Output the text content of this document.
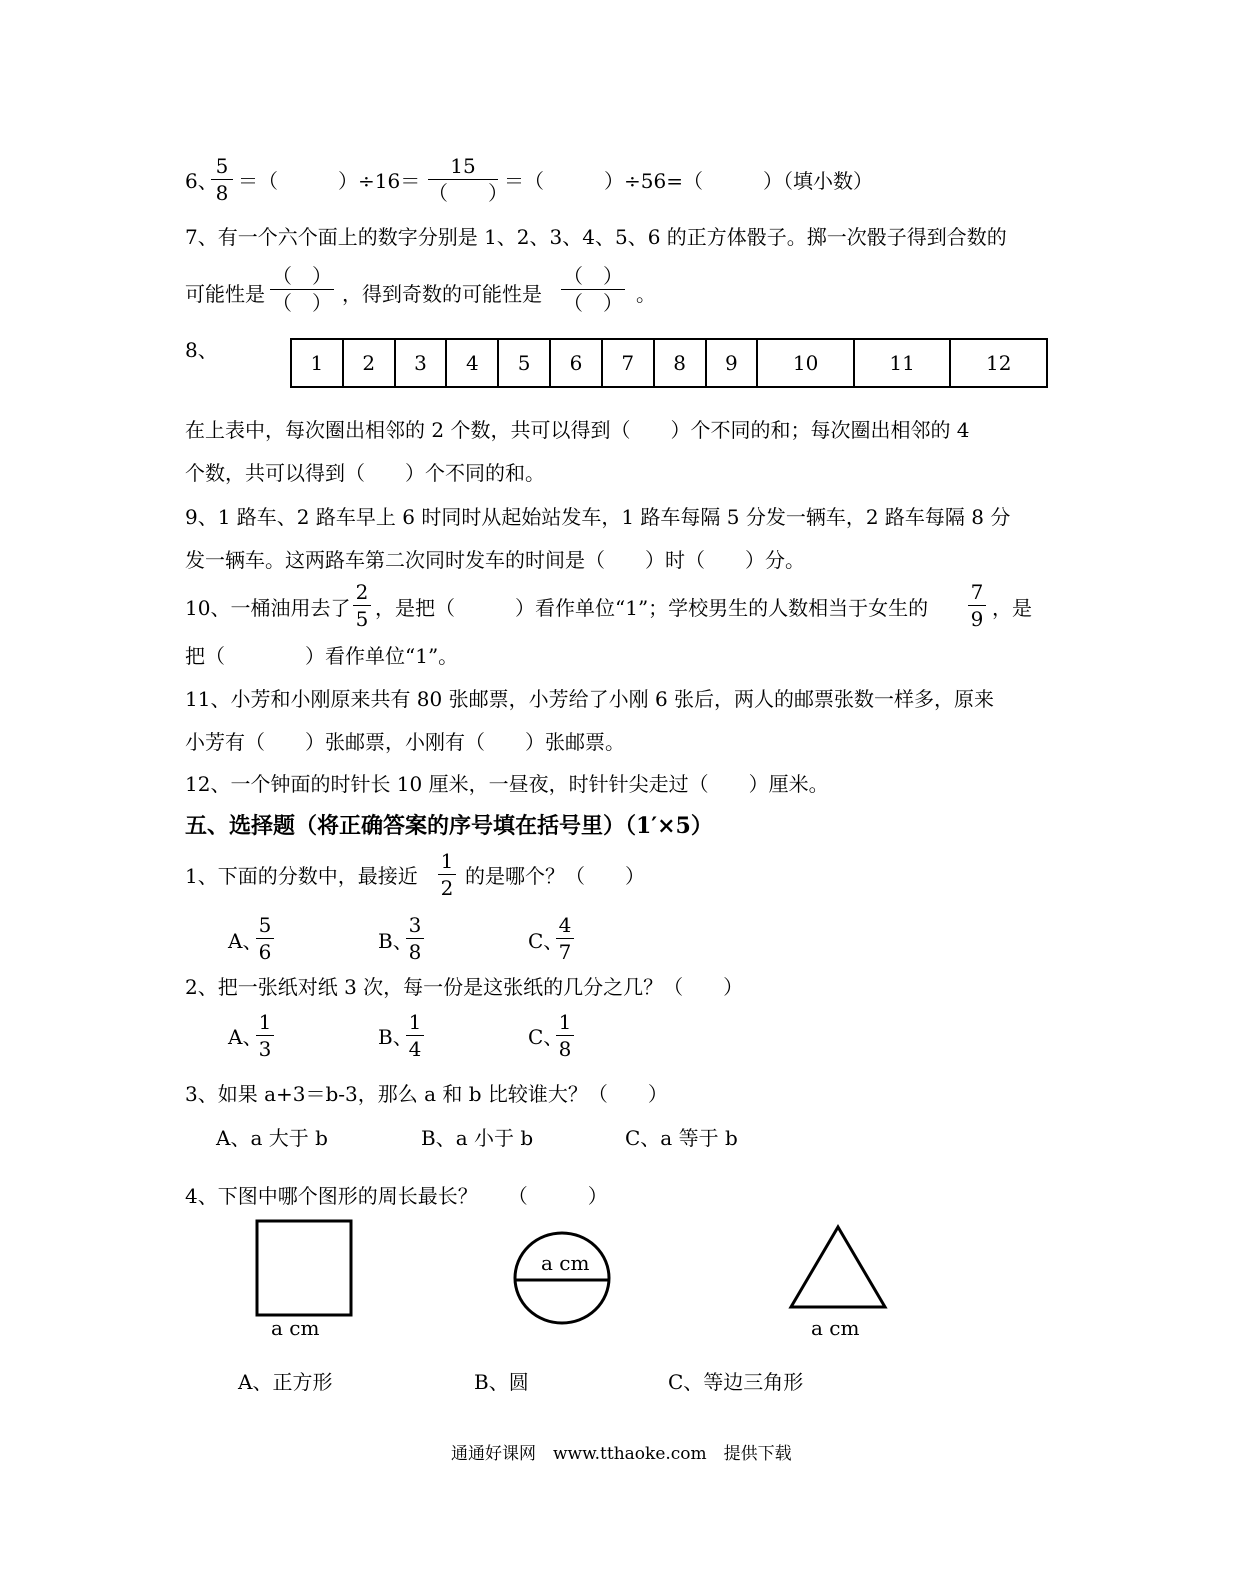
6、
5
8 ＝（　　　）÷16＝
15
（　　）
＝（　　　）÷56=（　　　）（填小数）
7、有一个六个面上的数字分别是 1、2、3、4、5、6 的正方体骰子。掷一次骰子得到合数的
可能性是
（　）
（　） ，得到奇数的可能性是
（　）
（　） 。
8、
1	2	3	4	5	6	7	8	9	10	11	12
在上表中，每次圈出相邻的 2 个数，共可以得到（　　）个不同的和；每次圈出相邻的 4
个数，共可以得到（　　）个不同的和。
9、1 路车、2 路车早上 6 时同时从起始站发车，1 路车每隔 5 分发一辆车，2 路车每隔 8 分
发一辆车。这两路车第二次同时发车的时间是（　　）时（　　）分。
10、一桶油用去了
2
5 ，是把（　　　）看作单位“1”；学校男生的人数相当于女生的
7
9 ，是
把（　　　　）看作单位“1”。
11、小芳和小刚原来共有 80 张邮票，小芳给了小刚 6 张后，两人的邮票张数一样多，原来
小芳有（　　）张邮票，小刚有（　　）张邮票。
12、一个钟面的时针长 10 厘米，一昼夜，时针针尖走过（　　）厘米。
五、选择题（将正确答案的序号填在括号里）（1′×5）
1、下面的分数中，最接近
1
2 的是哪个？（　　）
A、
5
6	B、
3
8	C、
4
7
2、把一张纸对纸 3 次，每一份是这张纸的几分之几？（　　）
A、
1
3	B、
1
4	C、
1
8
3、如果 a+3＝b-3，那么 a 和 b 比较谁大？（　　）
A、a 大于 b	B、a 小于 b	C、a 等于 b
4、下图中哪个图形的周长最长？　　（　　　）
a cm
a cm
a cm
A、正方形	B、圆	C、等边三角形
通通好课网　www.tthaoke.com　提供下载
